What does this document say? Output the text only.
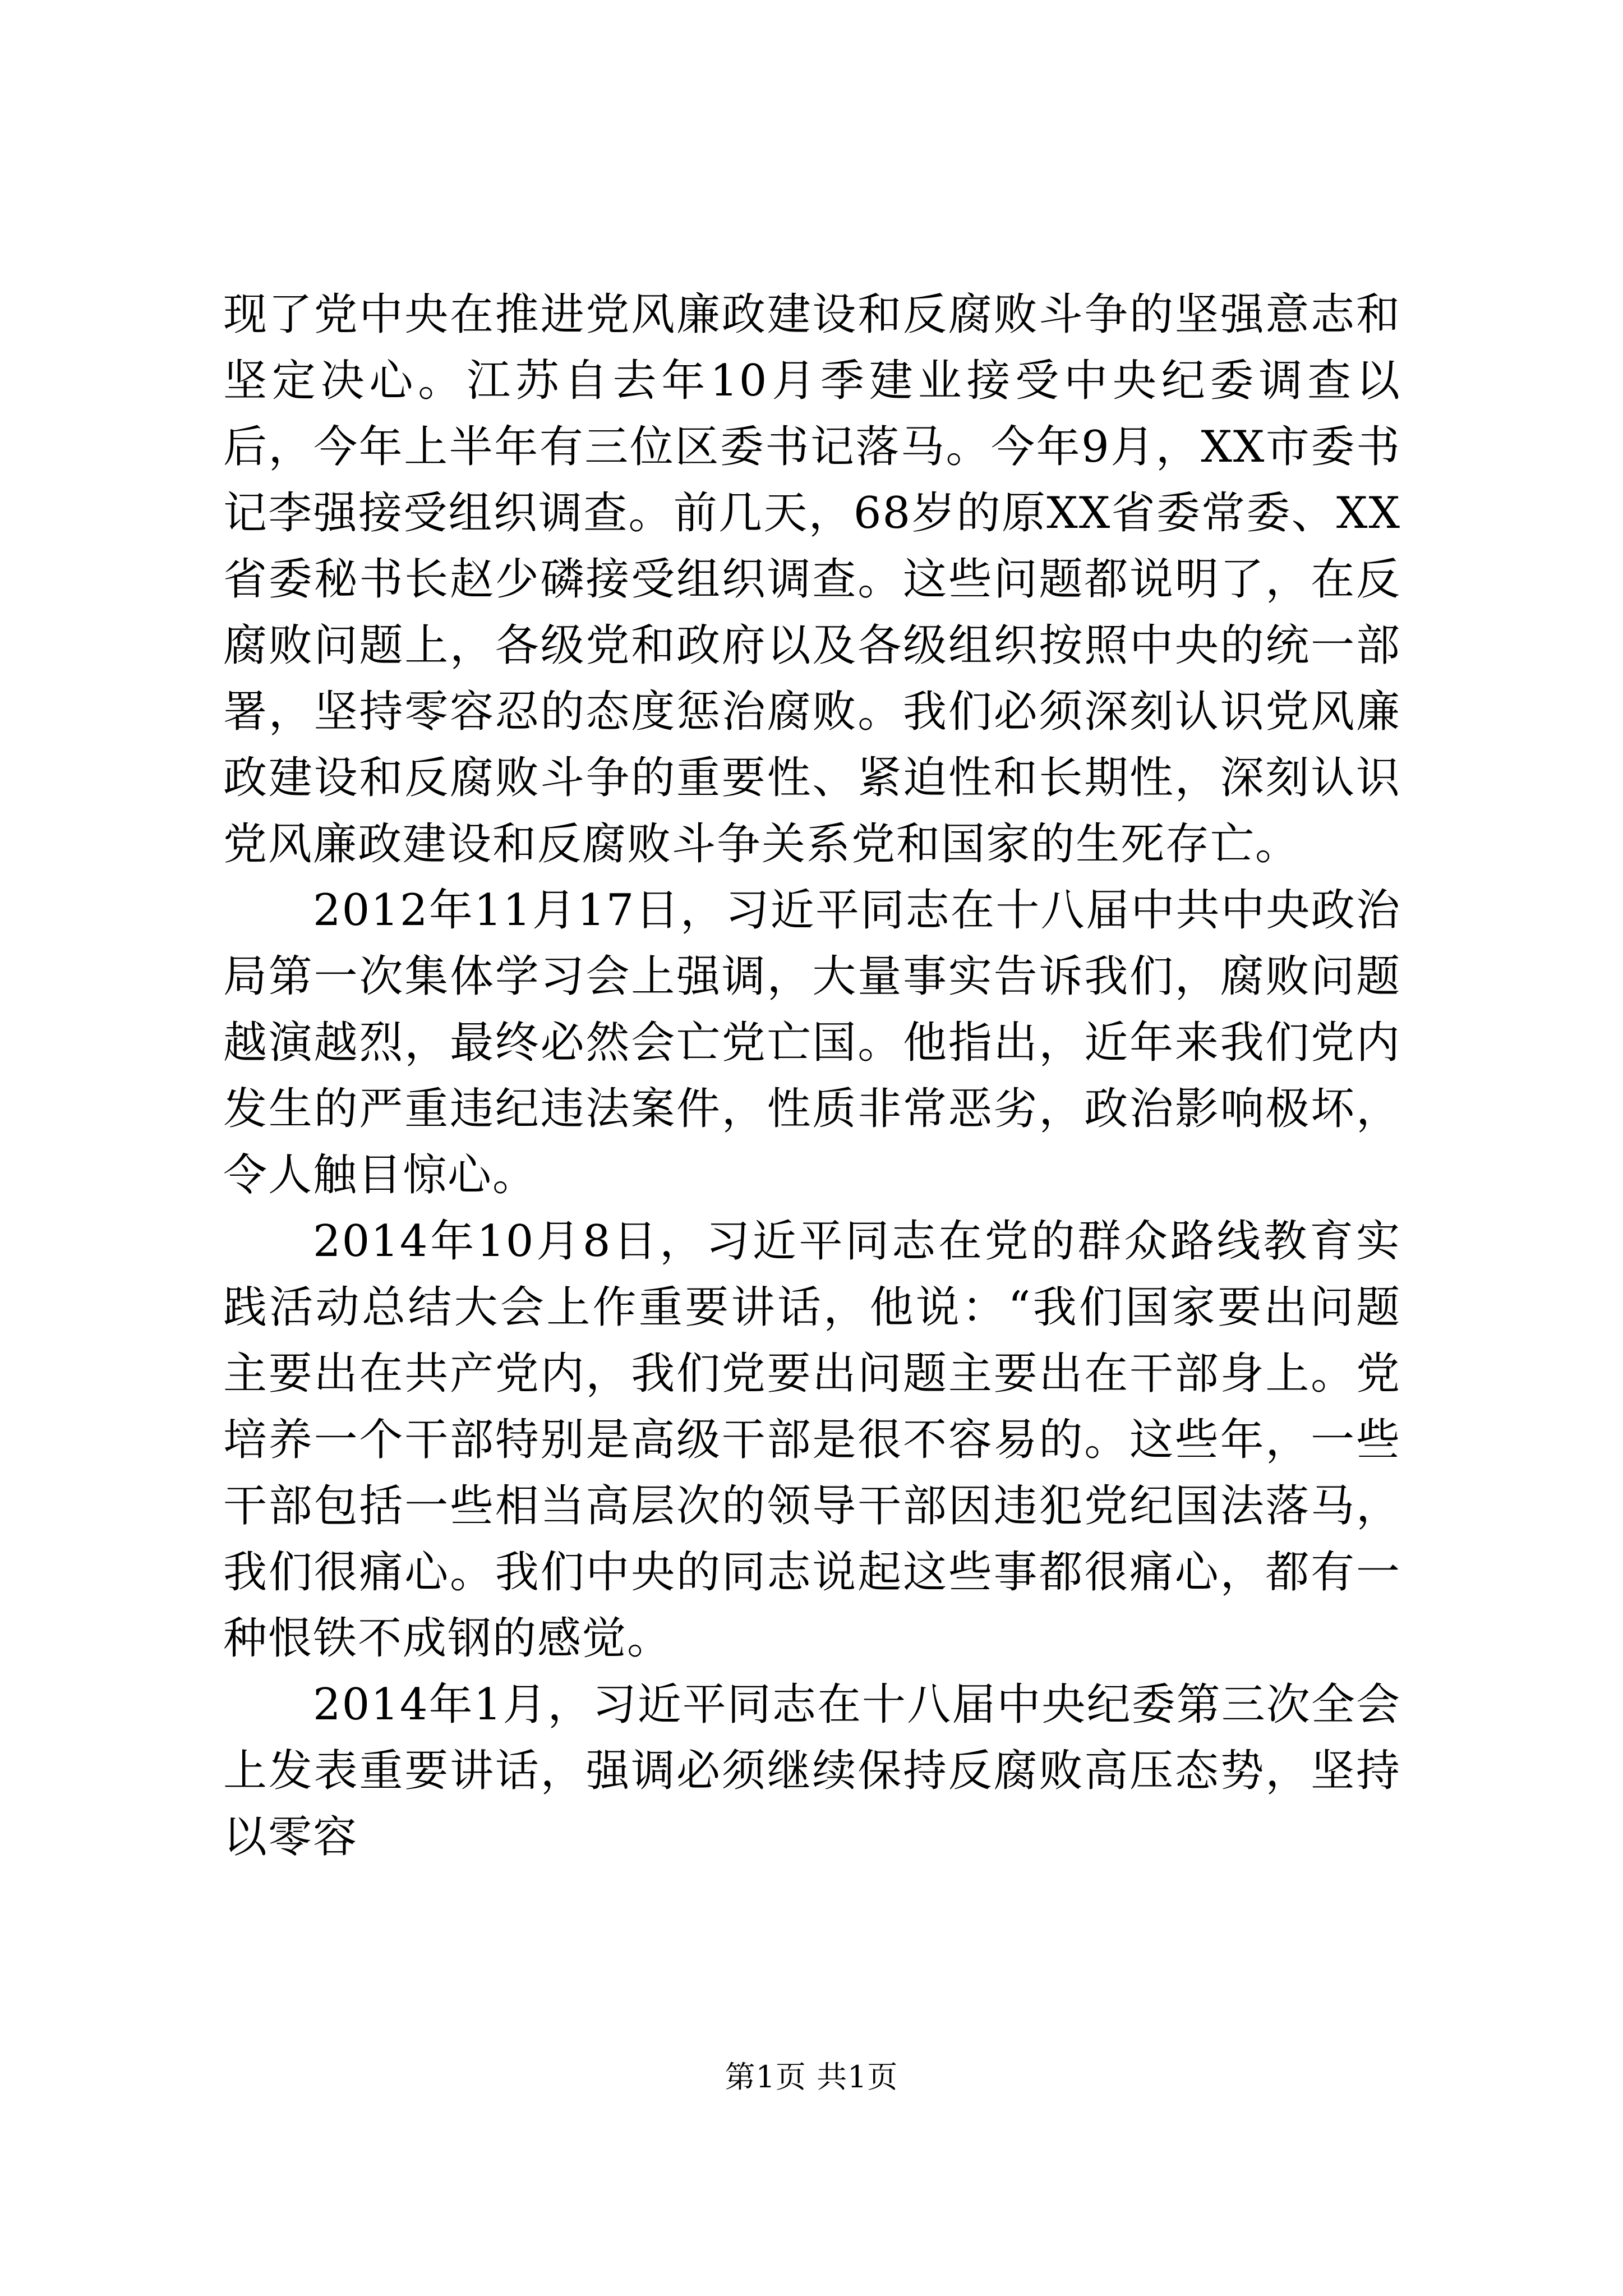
现了党中央在推进党风廉政建设和反腐败斗争的坚强意志和坚定决心。江苏自去年10月季建业接受中央纪委调查以后，今年上半年有三位区委书记落马。今年9月，XX市委书记李强接受组织调查。前几天，68岁的原XX省委常委、XX省委秘书长赵少磷接受组织调查。这些问题都说明了，在反腐败问题上，各级党和政府以及各级组织按照中央的统一部署，坚持零容忍的态度惩治腐败。我们必须深刻认识党风廉政建设和反腐败斗争的重要性、紧迫性和长期性，深刻认识党风廉政建设和反腐败斗争关系党和国家的生死存亡。

2012年11月17日，习近平同志在十八届中共中央政治局第一次集体学习会上强调，大量事实告诉我们，腐败问题越演越烈，最终必然会亡党亡国。他指出，近年来我们党内发生的严重违纪违法案件，性质非常恶劣，政治影响极坏，令人触目惊心。

2014年10月8日，习近平同志在党的群众路线教育实践活动总结大会上作重要讲话，他说：“我们国家要出问题主要出在共产党内，我们党要出问题主要出在干部身上。党培养一个干部特别是高级干部是很不容易的。这些年，一些干部包括一些相当高层次的领导干部因违犯党纪国法落马，我们很痛心。我们中央的同志说起这些事都很痛心，都有一种恨铁不成钢的感觉。

2014年1月，习近平同志在十八届中央纪委第三次全会上发表重要讲话，强调必须继续保持反腐败高压态势，坚持以零容

第1页 共1页
